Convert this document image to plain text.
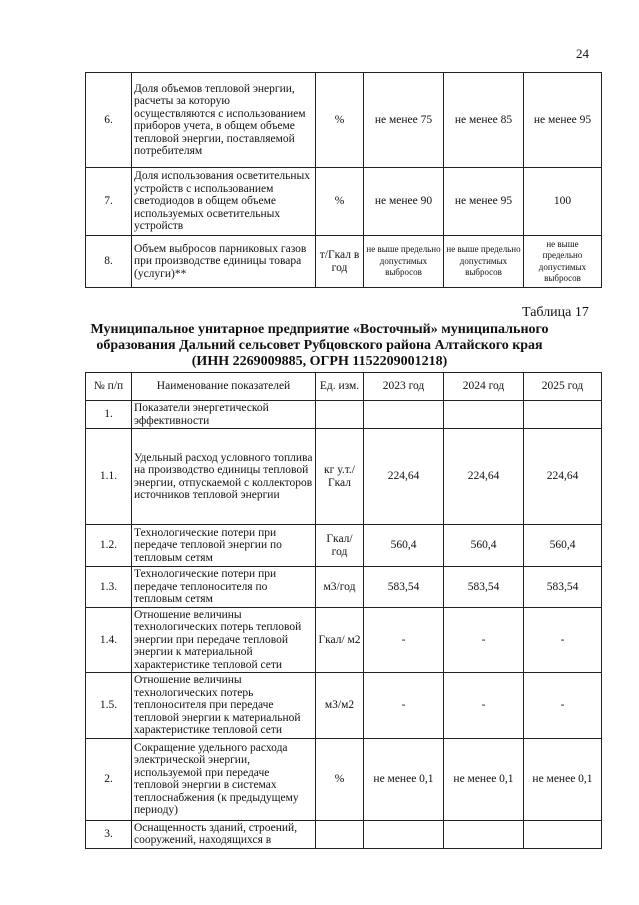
24
6.	Доля объемов тепловой энергии, расчеты за которую осуществляются с использованием приборов учета, в общем объеме тепловой энергии, поставляемой потребителям	%	не менее 75	не менее 85	не менее 95
7.	Доля использования осветительных устройств с использованием светодиодов в общем объеме используемых осветительных устройств	%	не менее 90	не менее 95	100
8.	Объем выбросов парниковых газов при производстве единицы товара (услуги)**	т/Гкал в год	не выше предельно допустимых выбросов	не выше предельно допустимых выбросов	не выше предельно допустимых выбросов
Таблица 17
Муниципальное унитарное предприятие «Восточный» муниципального
образования Дальний сельсовет Рубцовского района Алтайского края
(ИНН 2269009885, ОГРН 1152209001218)
№ п/п	Наименование показателей	Ед. изм.	2023 год	2024 год	2025 год
1.	Показатели энергетической эффективности				
1.1.	Удельный расход условного топлива на производство единицы тепловой энергии, отпускаемой с коллекторов источников тепловой энергии	кг у.т./ Гкал	224,64	224,64	224,64
1.2.	Технологические потери при передаче тепловой энергии по тепловым сетям	Гкал/ год	560,4	560,4	560,4
1.3.	Технологические потери при передаче теплоносителя по тепловым сетям	м3/год	583,54	583,54	583,54
1.4.	Отношение величины технологических потерь тепловой энергии при передаче тепловой энергии к материальной характеристике тепловой сети	Гкал/ м2	-	-	-
1.5.	Отношение величины технологических потерь теплоносителя при передаче тепловой энергии к материальной характеристике тепловой сети	м3/м2	-	-	-
2.	Сокращение удельного расхода электрической энергии, используемой при передаче тепловой энергии в системах теплоснабжения (к предыдущему периоду)	%	не менее 0,1	не менее 0,1	не менее 0,1
3.	Оснащенность зданий, строений, сооружений, находящихся в				
